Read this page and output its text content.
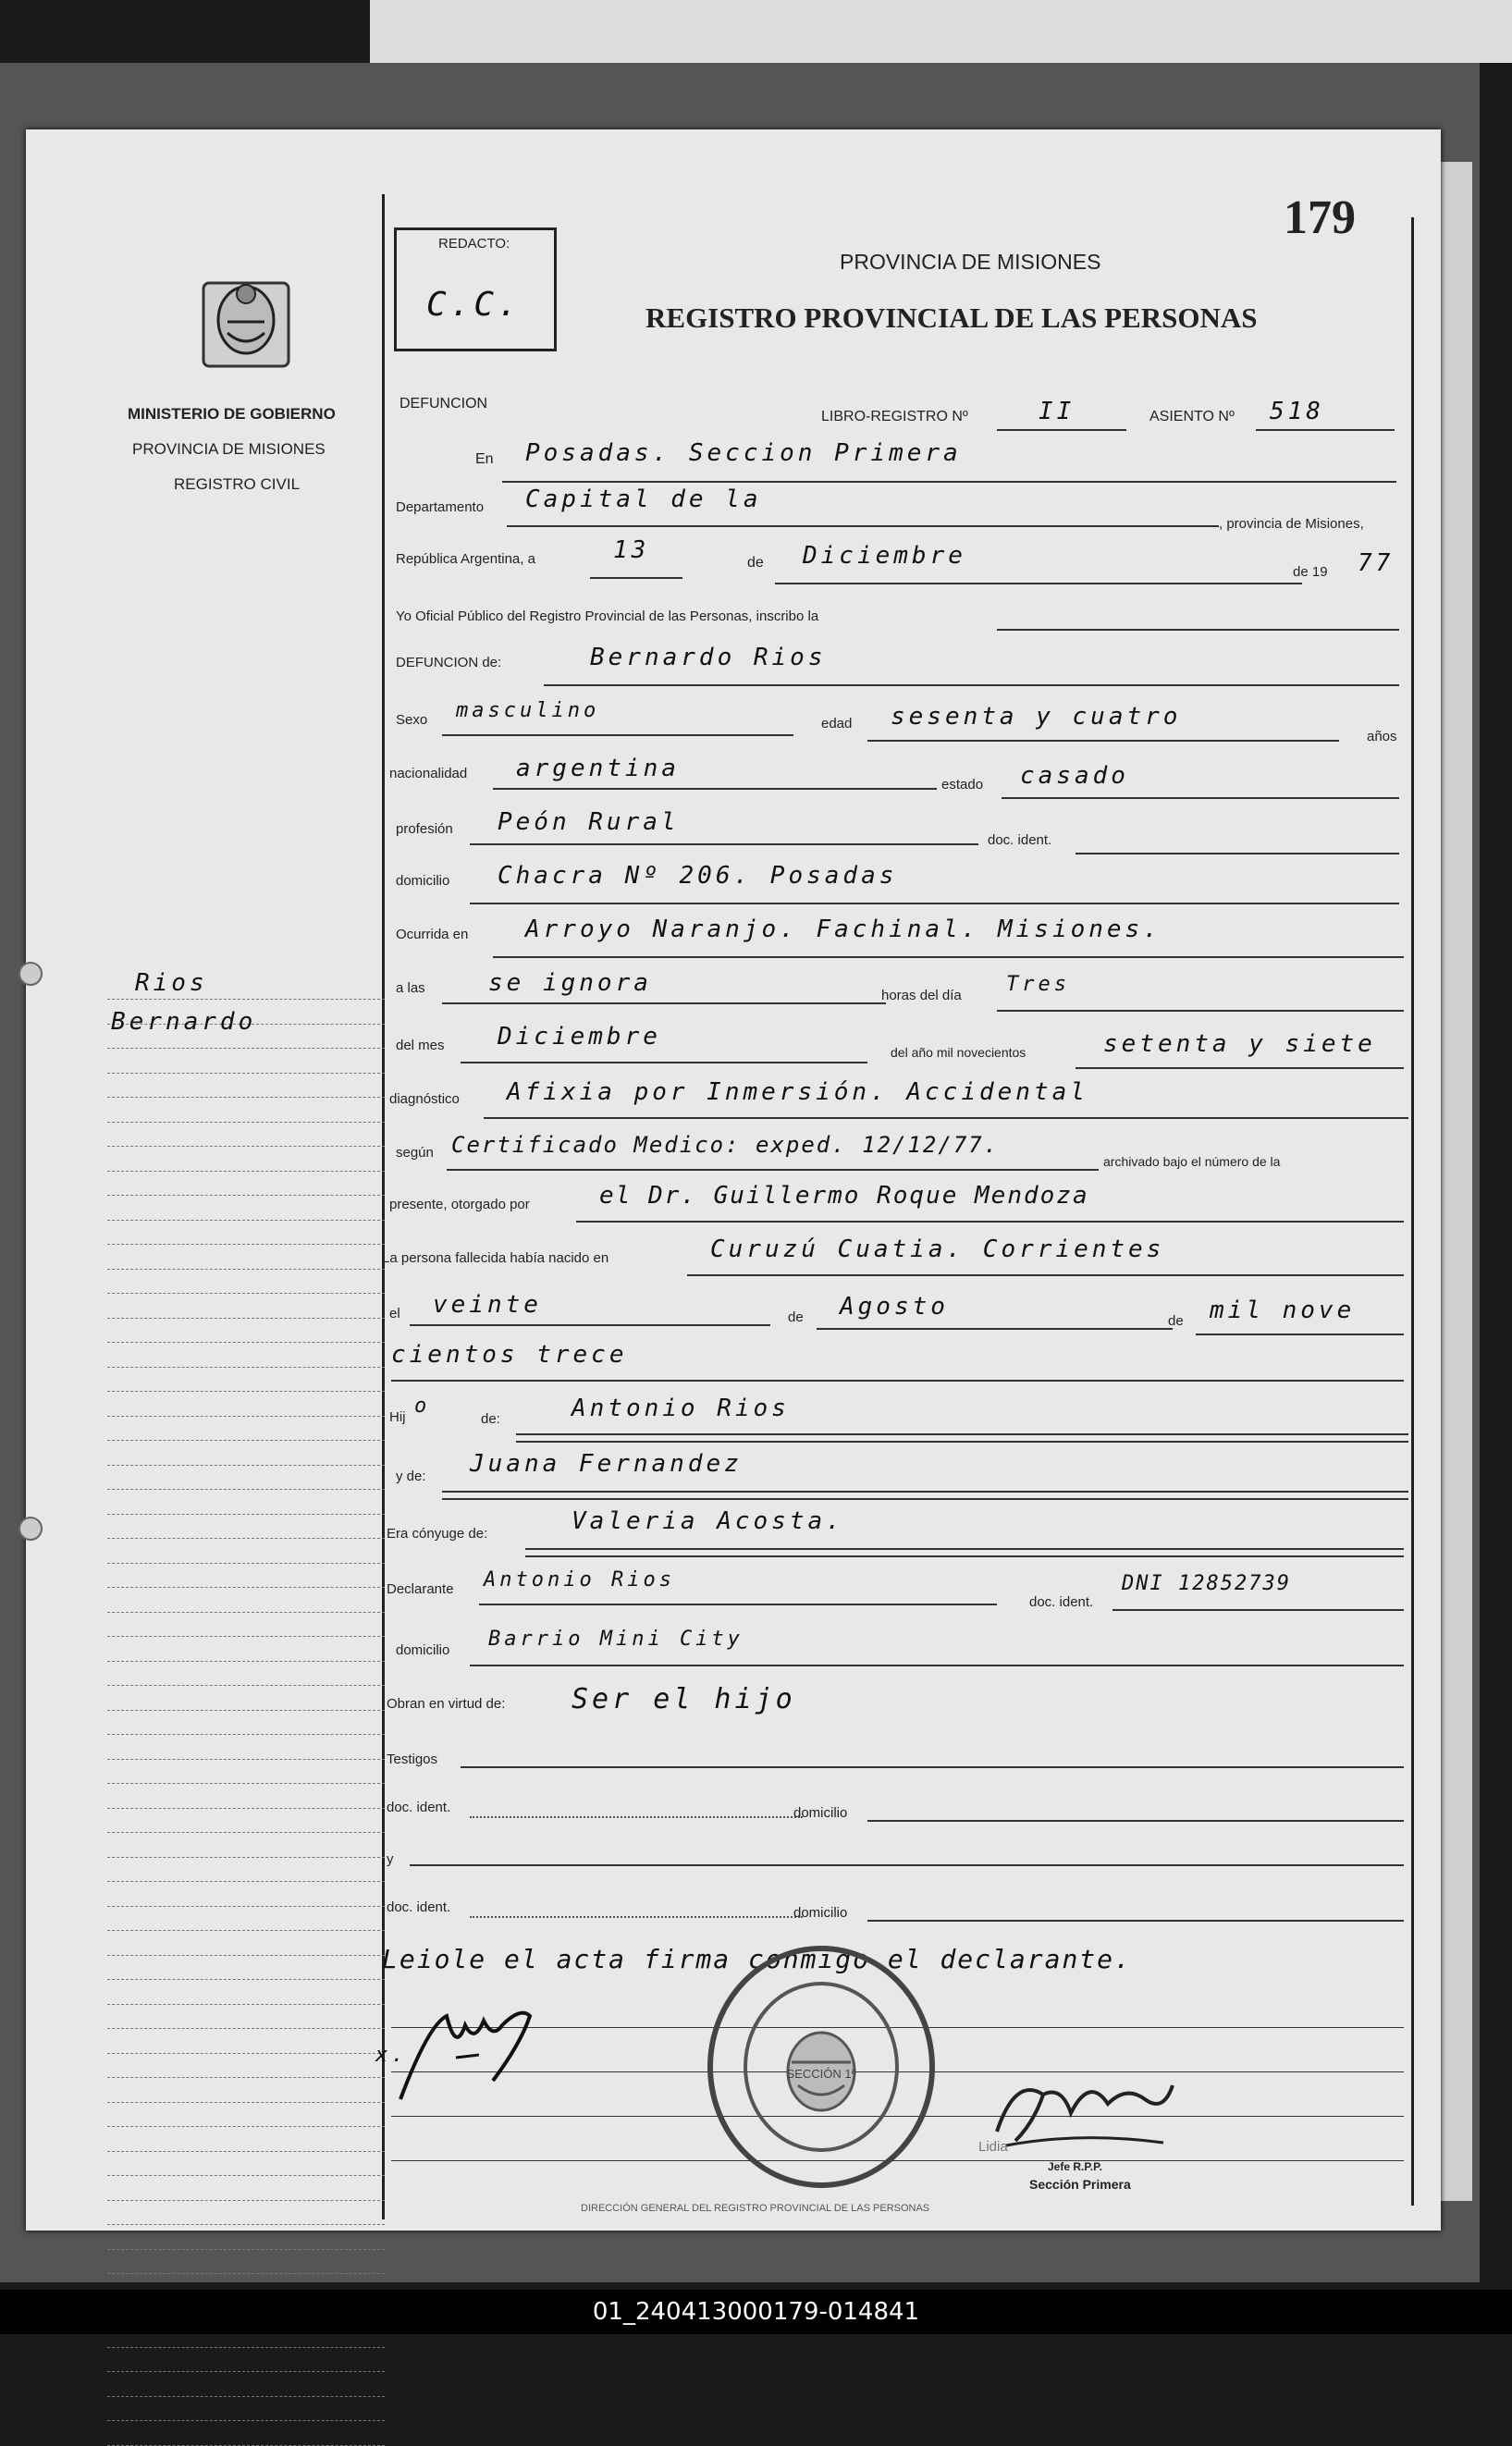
MINISTERIO DE GOBIERNO
PROVINCIA DE MISIONES
REGISTRO CIVIL
Rios
Bernardo
179
REDACTO:
C.C.
PROVINCIA DE MISIONES
REGISTRO PROVINCIAL DE LAS PERSONAS
DEFUNCION
LIBRO-REGISTRO Nº	II	ASIENTO Nº 518
En Posadas. Seccion Primera
Departamento Capital de la
, provincia de Misiones,
República Argentina, a	13	de Diciembre
de 19 77
Yo Oficial Público del Registro Provincial de las Personas, inscribo la
DEFUNCION de:	Bernardo Rios
Sexo masculino
edad sesenta y cuatro
años
nacionalidad argentina
estado casado
profesión Peón Rural
doc. ident.
domicilio Chacra Nº 206. Posadas
Ocurrida en Arroyo Naranjo. Fachinal. Misiones.
a las	se ignora	horas del día Tres
del mes Diciembre
del año mil novecientos	setenta y siete
diagnóstico Afixia por Inmersión. Accidental
según Certificado Medico: exped. 12/12/77.
archivado bajo el número de la
presente, otorgado por	el Dr. Guillermo Roque Mendoza
La persona fallecida había nacido en	Curuzú Cuatia. Corrientes
el veinte	de Agosto
de mil nove
cientos trece
Hij o
de:	Antonio Rios
y de: Juana Fernandez
Era cónyuge de:	Valeria Acosta.
Declarante Antonio Rios
doc. ident.
DNI 12852739
domicilio Barrio Mini City
Obran en virtud de: Ser el hijo
Testigos
doc. ident.	domicilio
y
doc. ident.	domicilio
Leiole el acta firma conmigo el declarante.
x.
SECCIÓN 1ª
DIRECCIÓN GENERAL DEL REGISTRO PROVINCIAL DE LAS PERSONAS
Lidia
Jefe R.P.P.
Sección Primera
01_240413000179-014841
